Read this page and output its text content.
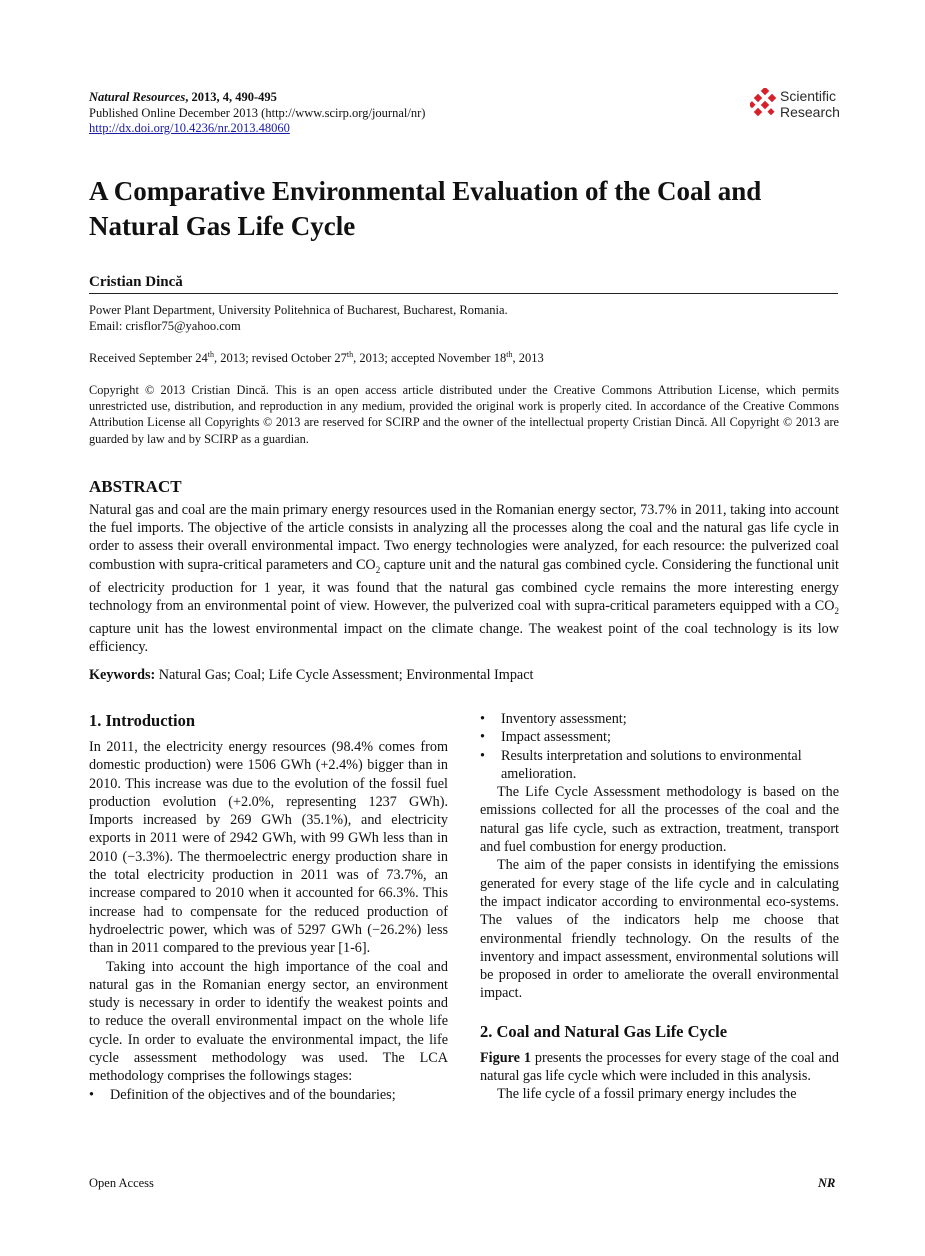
Natural Resources, 2013, 4, 490-495
Published Online December 2013 (http://www.scirp.org/journal/nr)
http://dx.doi.org/10.4236/nr.2013.48060
Scientific
Research
A Comparative Environmental Evaluation of the Coal and Natural Gas Life Cycle
Cristian Dincă
Power Plant Department, University Politehnica of Bucharest, Bucharest, Romania.
Email: crisflor75@yahoo.com
Received September 24th, 2013; revised October 27th, 2013; accepted November 18th, 2013
Copyright © 2013 Cristian Dincă. This is an open access article distributed under the Creative Commons Attribution License, which permits unrestricted use, distribution, and reproduction in any medium, provided the original work is properly cited. In accordance of the Creative Commons Attribution License all Copyrights © 2013 are reserved for SCIRP and the owner of the intellectual property Cristian Dincă. All Copyright © 2013 are guarded by law and by SCIRP as a guardian.
ABSTRACT
Natural gas and coal are the main primary energy resources used in the Romanian energy sector, 73.7% in 2011, taking into account the fuel imports. The objective of the article consists in analyzing all the processes along the coal and the natural gas life cycle in order to assess their overall environmental impact. Two energy technologies were analyzed, for each resource: the pulverized coal combustion with supra-critical parameters and $CO_2$ capture unit and the natural gas combined cycle. Considering the functional unit of electricity production for 1 year, it was found that the natural gas combined cycle remains the more interesting energy technology from an environmental point of view. However, the pulverized coal with supra-critical parameters equipped with a $CO_2$ capture unit has the lowest environmental impact on the climate change. The weakest point of the coal technology is its low efficiency.
Keywords: Natural Gas; Coal; Life Cycle Assessment; Environmental Impact
1. Introduction

In 2011, the electricity energy resources (98.4% comes from domestic production) were 1506 GWh (+2.4%) bigger than in 2010. This increase was due to the evolution of the fossil fuel production evolution (+2.0%, representing 1237 GWh). Imports increased by 269 GWh (35.1%), and electricity exports in 2011 were of 2942 GWh, with 99 GWh less than in 2010 (−3.3%). The thermoelectric energy production share in the total electricity production in 2011 was of 73.7%, an increase compared to 2010 when it accounted for 66.3%. This increase had to compensate for the reduced production of hydroelectric power, which was of 5297 GWh (−26.2%) less than in 2011 compared to the previous year [1-6].

Taking into account the high importance of the coal and natural gas in the Romanian energy sector, an environment study is necessary in order to identify the weakest points and to reduce the overall environmental impact on the whole life cycle. In order to evaluate the environmental impact, the life cycle assessment methodology was used. The LCA methodology comprises the followings stages:

• Definition of the objectives and of the boundaries;
• Inventory assessment;
• Impact assessment;
• Results interpretation and solutions to environmental amelioration.

The Life Cycle Assessment methodology is based on the emissions collected for all the processes of the coal and the natural gas life cycle, such as extraction, treatment, transport and fuel combustion for energy production.

The aim of the paper consists in identifying the emissions generated for every stage of the life cycle and in calculating the impact indicator according to environmental eco-systems. The values of the indicators help me choose that environmental friendly technology. On the results of the inventory and impact assessment, environmental solutions will be proposed in order to ameliorate the overall environmental impact.

2. Coal and Natural Gas Life Cycle

Figure 1 presents the processes for every stage of the coal and natural gas life cycle which were included in this analysis.

The life cycle of a fossil primary energy includes the

Open Access	NR
